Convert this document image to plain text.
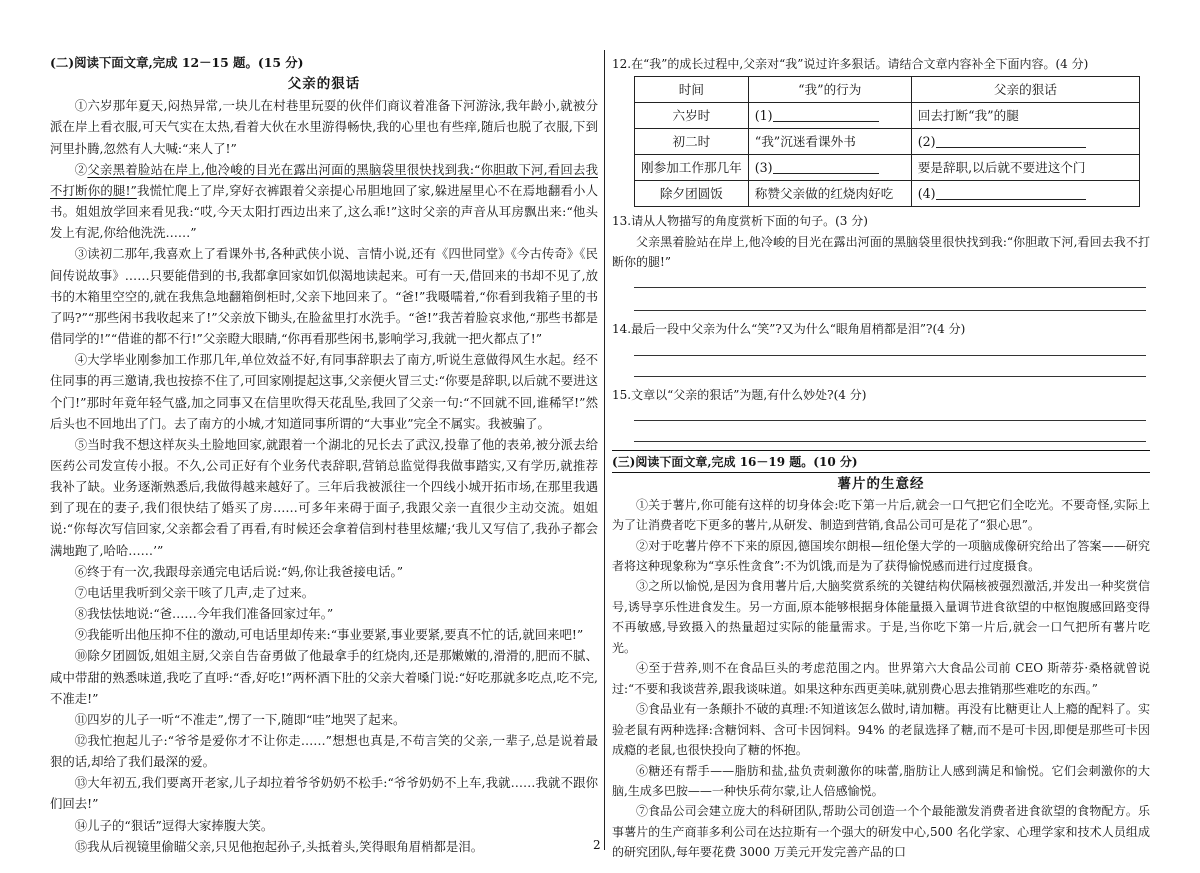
(二)阅读下面文章,完成 12－15 题。(15 分)
父亲的狠话

①六岁那年夏天,闷热异常,一块儿在村巷里玩耍的伙伴们商议着准备下河游泳,我年龄小,就被分派在岸上看衣服,可天气实在太热,看着大伙在水里游得畅快,我的心里也有些痒,随后也脱了衣服,下到河里扑腾,忽然有人大喊:“来人了!”

②父亲黑着脸站在岸上,他冷峻的目光在露出河面的黑脑袋里很快找到我:“你胆敢下河,看回去我不打断你的腿!”我慌忙爬上了岸,穿好衣裤跟着父亲提心吊胆地回了家,躲进屋里心不在焉地翻看小人书。姐姐放学回来看见我:“哎,今天太阳打西边出来了,这么乖!”这时父亲的声音从耳房飘出来:“他头发上有泥,你给他洗洗……”

③读初二那年,我喜欢上了看课外书,各种武侠小说、言情小说,还有《四世同堂》《今古传奇》《民间传说故事》……只要能借到的书,我都拿回家如饥似渴地读起来。可有一天,借回来的书却不见了,放书的木箱里空空的,就在我焦急地翻箱倒柜时,父亲下地回来了。“爸!”我嗫嚅着,“你看到我箱子里的书了吗?”“那些闲书我收起来了!”父亲放下锄头,在脸盆里打水洗手。“爸!”我苦着脸哀求他,“那些书都是借同学的!”“借谁的都不行!”父亲瞪大眼睛,“你再看那些闲书,影响学习,我就一把火都点了!”

④大学毕业刚参加工作那几年,单位效益不好,有同事辞职去了南方,听说生意做得风生水起。经不住同事的再三邀请,我也按捺不住了,可回家刚提起这事,父亲便火冒三丈:“你要是辞职,以后就不要进这个门!”那时年竟年轻气盛,加之同事又在信里吹得天花乱坠,我回了父亲一句:“不回就不回,谁稀罕!”然后头也不回地出了门。去了南方的小城,才知道同事所谓的“大事业”完全不属实。我被骗了。

⑤当时我不想这样灰头土脸地回家,就跟着一个湖北的兄长去了武汉,投靠了他的表弟,被分派去给医药公司发宣传小报。不久,公司正好有个业务代表辞职,营销总监觉得我做事踏实,又有学历,就推荐我补了缺。业务逐渐熟悉后,我做得越来越好了。三年后我被派往一个四线小城开拓市场,在那里我遇到了现在的妻子,我们很快结了婚买了房……可多年来碍于面子,我跟父亲一直很少主动交流。姐姐说:“你每次写信回家,父亲都会看了再看,有时候还会拿着信到村巷里炫耀;‘我儿又写信了,我孙子都会满地跑了,哈哈……’”

⑥终于有一次,我跟母亲通完电话后说:“妈,你让我爸接电话。”

⑦电话里我听到父亲干咳了几声,走了过来。

⑧我怯怯地说:“爸……今年我们准备回家过年。”

⑨我能听出他压抑不住的激动,可电话里却传来:“事业要紧,事业要紧,要真不忙的话,就回来吧!”

⑩除夕团圆饭,姐姐主厨,父亲自告奋勇做了他最拿手的红烧肉,还是那嫩嫩的,滑滑的,肥而不腻、咸中带甜的熟悉味道,我吃了直呼:“香,好吃!”两杯酒下肚的父亲大着嗓门说:“好吃那就多吃点,吃不完,不准走!”

⑪四岁的儿子一听“不准走”,愣了一下,随即“哇”地哭了起来。

⑫我忙抱起儿子:“爷爷是爱你才不让你走……”想想也真是,不苟言笑的父亲,一辈子,总是说着最狠的话,却给了我们最深的爱。

⑬大年初五,我们要离开老家,儿子却拉着爷爷奶奶不松手:“爷爷奶奶不上车,我就……我就不跟你们回去!”

⑭儿子的“狠话”逗得大家捧腹大笑。

⑮我从后视镜里偷瞄父亲,只见他抱起孙子,头抵着头,笑得眼角眉梢都是泪。

12.在“我”的成长过程中,父亲对“我”说过许多狠话。请结合文章内容补全下面内容。(4 分)

时间	“我”的行为	父亲的狠话
六岁时	(1)	回去打断“我”的腿
初二时	“我”沉迷看课外书	(2)
刚参加工作那几年	(3)	要是辞职,以后就不要进这个门
除夕团圆饭	称赞父亲做的红烧肉好吃	(4)

13.请从人物描写的角度赏析下面的句子。(3 分)

父亲黑着脸站在岸上,他冷峻的目光在露出河面的黑脑袋里很快找到我:“你胆敢下河,看回去我不打断你的腿!”

14.最后一段中父亲为什么“笑”?又为什么“眼角眉梢都是泪”?(4 分)

15.文章以“父亲的狠话”为题,有什么妙处?(4 分)

(三)阅读下面文章,完成 16－19 题。(10 分)
薯片的生意经

①关于薯片,你可能有这样的切身体会:吃下第一片后,就会一口气把它们全吃光。不要奇怪,实际上为了让消费者吃下更多的薯片,从研发、制造到营销,食品公司可是花了“狠心思”。

②对于吃薯片停不下来的原因,德国埃尔朗根—纽伦堡大学的一项脑成像研究给出了答案——研究者将这种现象称为“享乐性贪食”:不为饥饿,而是为了获得愉悦感而进行过度摄食。

③之所以愉悦,是因为食用薯片后,大脑奖赏系统的关键结构伏隔核被强烈激活,并发出一种奖赏信号,诱导享乐性进食发生。另一方面,原本能够根据身体能量摄入量调节进食欲望的中枢饱腹感回路变得不再敏感,导致摄入的热量超过实际的能量需求。于是,当你吃下第一片后,就会一口气把所有薯片吃光。

④至于营养,则不在食品巨头的考虑范围之内。世界第六大食品公司前 CEO 斯蒂芬·桑格就曾说过:“不要和我谈营养,跟我谈味道。如果这种东西更美味,就别费心思去推销那些难吃的东西。”

⑤食品业有一条颠扑不破的真理:不知道该怎么做时,请加糖。再没有比糖更让人上瘾的配料了。实验老鼠有两种选择:含糖饲料、含可卡因饲料。94% 的老鼠选择了糖,而不是可卡因,即便是那些可卡因成瘾的老鼠,也很快投向了糖的怀抱。

⑥糖还有帮手——脂肪和盐,盐负责刺激你的味蕾,脂肪让人感到满足和愉悦。它们会刺激你的大脑,生成多巴胺——一种快乐荷尔蒙,让人倍感愉悦。

⑦食品公司会建立庞大的科研团队,帮助公司创造一个个最能激发消费者进食欲望的食物配方。乐事薯片的生产商菲多利公司在达拉斯有一个强大的研发中心,500 名化学家、心理学家和技术人员组成的研究团队,每年要花费 3000 万美元开发完善产品的口

2
